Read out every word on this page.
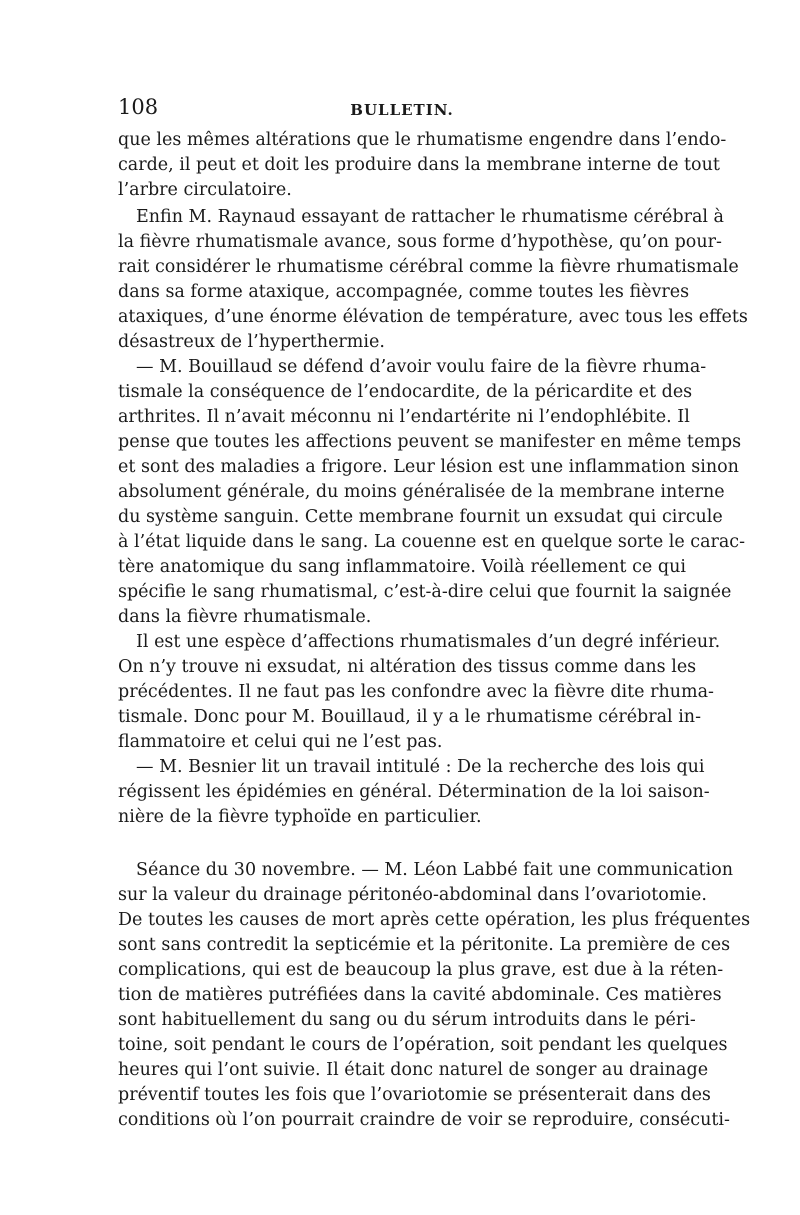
108	BULLETIN.
que les mêmes altérations que le rhumatisme engendre dans l’endo-
carde, il peut et doit les produire dans la membrane interne de tout
l’arbre circulatoire.
Enfin M. Raynaud essayant de rattacher le rhumatisme cérébral à
la fièvre rhumatismale avance, sous forme d’hypothèse, qu’on pour-
rait considérer le rhumatisme cérébral comme la fièvre rhumatismale
dans sa forme ataxique, accompagnée, comme toutes les fièvres
ataxiques, d’une énorme élévation de température, avec tous les effets
désastreux de l’hyperthermie.
— M. Bouillaud se défend d’avoir voulu faire de la fièvre rhuma-
tismale la conséquence de l’endocardite, de la péricardite et des
arthrites. Il n’avait méconnu ni l’endartérite ni l’endophlébite. Il
pense que toutes les affections peuvent se manifester en même temps
et sont des maladies a frigore. Leur lésion est une inflammation sinon
absolument générale, du moins généralisée de la membrane interne
du système sanguin. Cette membrane fournit un exsudat qui circule
à l’état liquide dans le sang. La couenne est en quelque sorte le carac-
tère anatomique du sang inflammatoire. Voilà réellement ce qui
spécifie le sang rhumatismal, c’est-à-dire celui que fournit la saignée
dans la fièvre rhumatismale.
Il est une espèce d’affections rhumatismales d’un degré inférieur.
On n’y trouve ni exsudat, ni altération des tissus comme dans les
précédentes. Il ne faut pas les confondre avec la fièvre dite rhuma-
tismale. Donc pour M. Bouillaud, il y a le rhumatisme cérébral in-
flammatoire et celui qui ne l’est pas.
— M. Besnier lit un travail intitulé : De la recherche des lois qui
régissent les épidémies en général. Détermination de la loi saison-
nière de la fièvre typhoïde en particulier.
Séance du 30 novembre. — M. Léon Labbé fait une communication
sur la valeur du drainage péritonéo-abdominal dans l’ovariotomie.
De toutes les causes de mort après cette opération, les plus fréquentes
sont sans contredit la septicémie et la péritonite. La première de ces
complications, qui est de beaucoup la plus grave, est due à la réten-
tion de matières putréfiées dans la cavité abdominale. Ces matières
sont habituellement du sang ou du sérum introduits dans le péri-
toine, soit pendant le cours de l’opération, soit pendant les quelques
heures qui l’ont suivie. Il était donc naturel de songer au drainage
préventif toutes les fois que l’ovariotomie se présenterait dans des
conditions où l’on pourrait craindre de voir se reproduire, consécuti-
